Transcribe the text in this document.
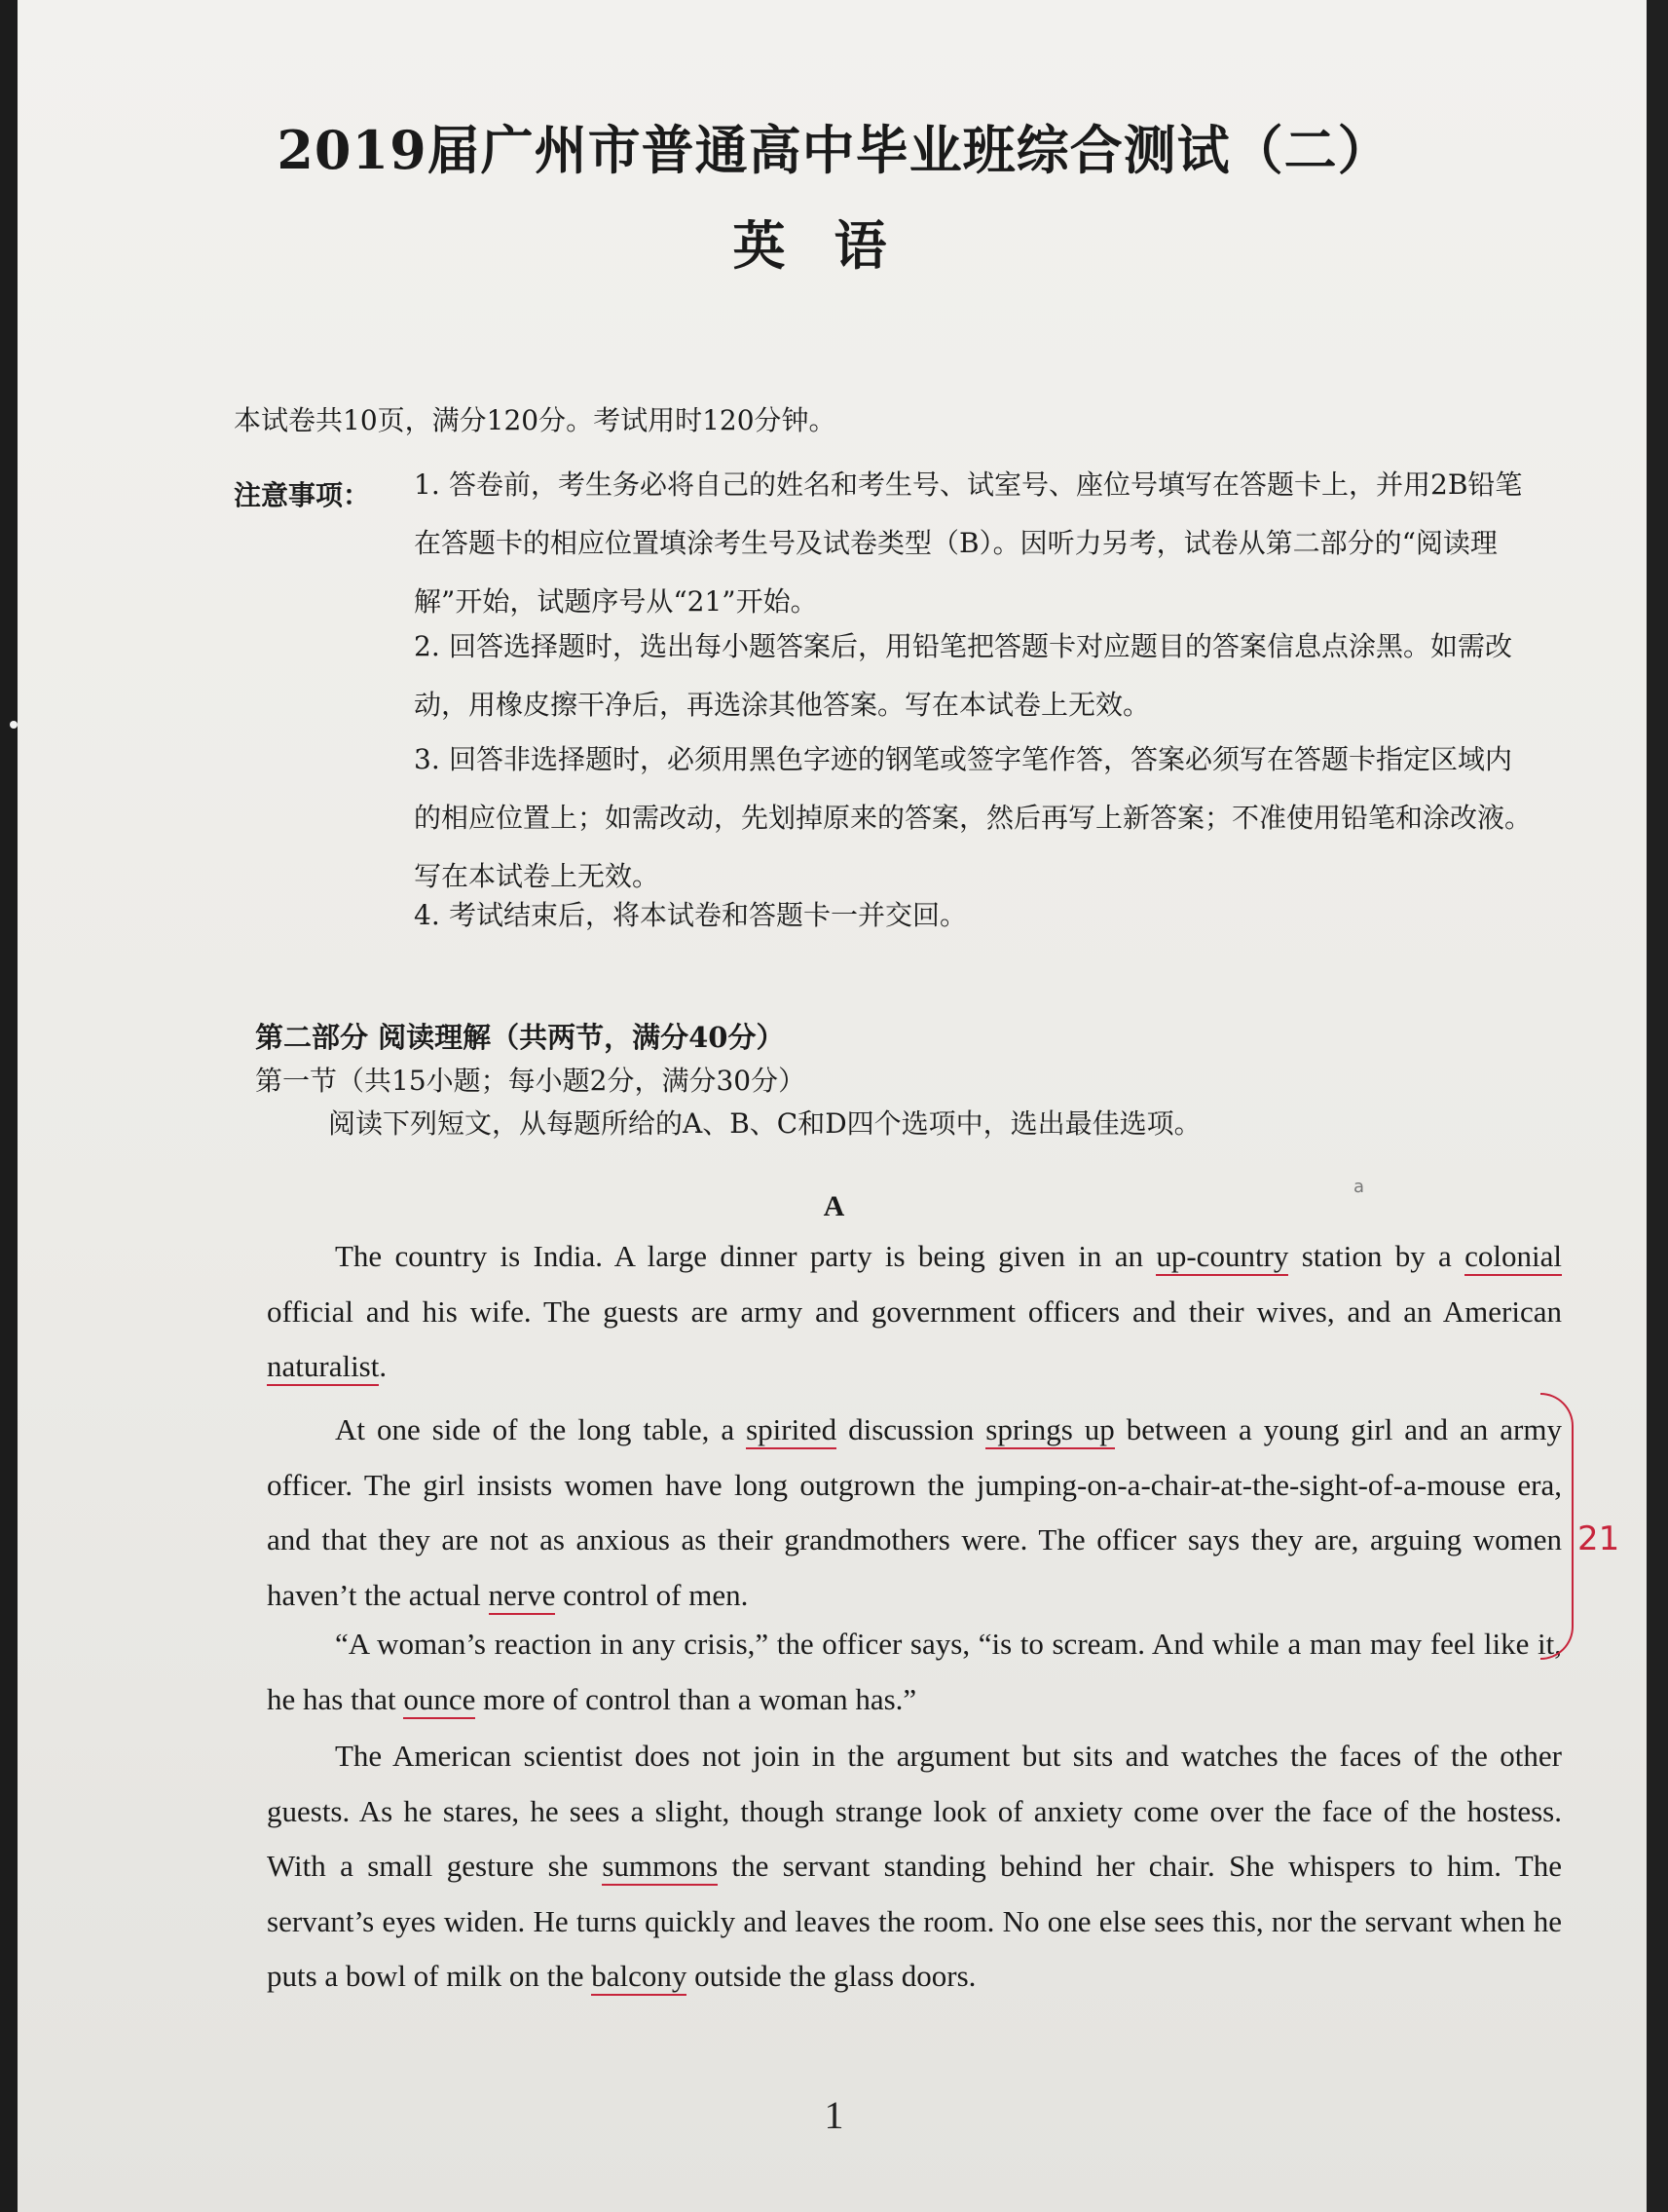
2019届广州市普通高中毕业班综合测试（二）
英语
本试卷共10页，满分120分。考试用时120分钟。
注意事项： 1. 答卷前，考生务必将自己的姓名和考生号、试室号、座位号填写在答题卡上，并用2B铅笔在答题卡的相应位置填涂考生号及试卷类型（B）。因听力另考，试卷从第二部分的“阅读理解”开始，试题序号从“21”开始。
2. 回答选择题时，选出每小题答案后，用铅笔把答题卡对应题目的答案信息点涂黑。如需改动，用橡皮擦干净后，再选涂其他答案。写在本试卷上无效。
3. 回答非选择题时，必须用黑色字迹的钢笔或签字笔作答，答案必须写在答题卡指定区域内的相应位置上；如需改动，先划掉原来的答案，然后再写上新答案；不准使用铅笔和涂改液。写在本试卷上无效。
4. 考试结束后，将本试卷和答题卡一并交回。
第二部分 阅读理解（共两节，满分40分）
第一节（共15小题；每小题2分，满分30分）
阅读下列短文，从每题所给的A、B、C和D四个选项中，选出最佳选项。
A
a
The country is India. A large dinner party is being given in an up-country station by a colonial official and his wife. The guests are army and government officers and their wives, and an American naturalist.
At one side of the long table, a spirited discussion springs up between a young girl and an army officer. The girl insists women have long outgrown the jumping-on-a-chair-at-the-sight-of-a-mouse era, and that they are not as anxious as their grandmothers were. The officer says they are, arguing women haven’t the actual nerve control of men.
“A woman’s reaction in any crisis,” the officer says, “is to scream. And while a man may feel like it, he has that ounce more of control than a woman has.”
The American scientist does not join in the argument but sits and watches the faces of the other guests. As he stares, he sees a slight, though strange look of anxiety come over the face of the hostess. With a small gesture she summons the servant standing behind her chair. She whispers to him. The servant’s eyes widen. He turns quickly and leaves the room. No one else sees this, nor the servant when he puts a bowl of milk on the balcony outside the glass doors.
21
1
